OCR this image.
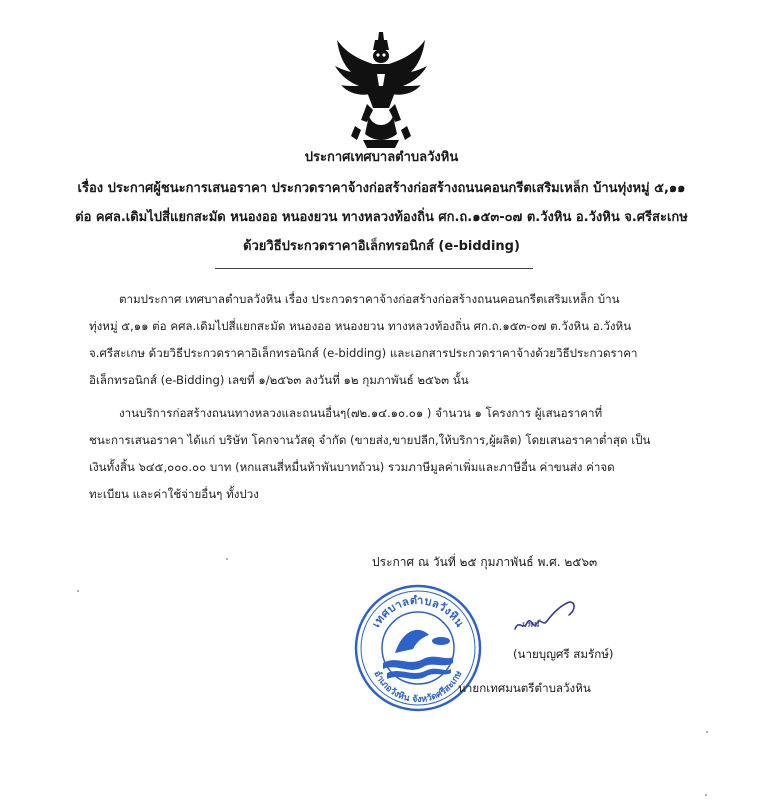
ประกาศเทศบาลตำบลวังหิน
เรื่อง ประกาศผู้ชนะการเสนอราคา ประกวดราคาจ้างก่อสร้างก่อสร้างถนนคอนกรีตเสริมเหล็ก บ้านทุ่งหมู่ ๕,๑๑
ต่อ คศล.เดิมไปสี่แยกสะมัด หนองออ หนองยวน ทางหลวงท้องถิ่น ศก.ถ.๑๕๓-๐๗ ต.วังหิน อ.วังหิน จ.ศรีสะเกษ
ด้วยวิธีประกวดราคาอิเล็กทรอนิกส์ (e-bidding)
ตามประกาศ เทศบาลตำบลวังหิน เรื่อง ประกวดราคาจ้างก่อสร้างก่อสร้างถนนคอนกรีตเสริมเหล็ก บ้าน
ทุ่งหมู่ ๕,๑๑ ต่อ คศล.เดิมไปสี่แยกสะมัด หนองออ หนองยวน ทางหลวงท้องถิ่น ศก.ถ.๑๕๓-๐๗ ต.วังหิน อ.วังหิน
จ.ศรีสะเกษ ด้วยวิธีประกวดราคาอิเล็กทรอนิกส์ (e-bidding) และเอกสารประกวดราคาจ้างด้วยวิธีประกวดราคา
อิเล็กทรอนิกส์ (e-Bidding) เลขที่ ๑/๒๕๖๓ ลงวันที่ ๑๒ กุมภาพันธ์ ๒๕๖๓ นั้น
งานบริการก่อสร้างถนนทางหลวงและถนนอื่นๆ(๗๒.๑๔.๑๐.๐๑ ) จำนวน ๑ โครงการ ผู้เสนอราคาที่
ชนะการเสนอราคา ได้แก่ บริษัท โคกจานวัสดุ จำกัด (ขายส่ง,ขายปลีก,ให้บริการ,ผู้ผลิต) โดยเสนอราคาต่ำสุด เป็น
เงินทั้งสิ้น ๖๔๕,๐๐๐.๐๐ บาท (หกแสนสี่หมื่นห้าพันบาทถ้วน) รวมภาษีมูลค่าเพิ่มและภาษีอื่น ค่าขนส่ง ค่าจด
ทะเบียน และค่าใช้จ่ายอื่นๆ ทั้งปวง
ประกาศ ณ วันที่ ๒๕ กุมภาพันธ์ พ.ศ. ๒๕๖๓
เทศบาลตำบลวังหิน
อำเภอวังหิน จังหวัดศรีสะเกษ
มพน์
(นายบุญศรี สมรักษ์)
นายกเทศมนตรีตำบลวังหิน
